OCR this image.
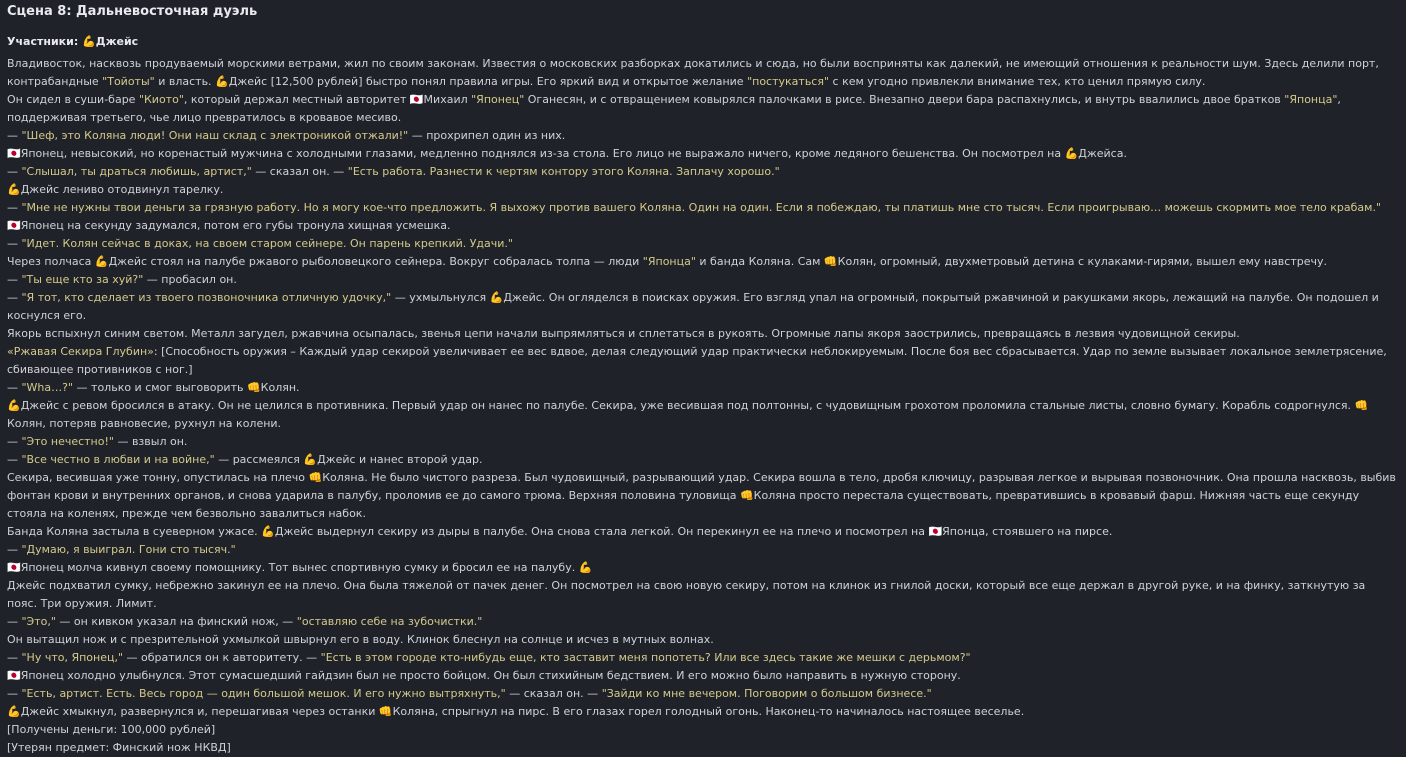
Сцена 8: Дальневосточная дуэль
Участники: 💪Джейс
Владивосток, насквозь продуваемый морскими ветрами, жил по своим законам. Известия о московских разборках докатились и сюда, но были восприняты как далекий, не имеющий отношения к реальности шум. Здесь делили порт, контрабандные "Тойоты" и власть. 💪Джейс [12,500 рублей] быстро понял правила игры. Его яркий вид и открытое желание "постукаться" с кем угодно привлекли внимание тех, кто ценил прямую силу.
Он сидел в суши-баре "Киото", который держал местный авторитет 🇯🇵Михаил "Японец" Оганесян, и с отвращением ковырялся палочками в рисе. Внезапно двери бара распахнулись, и внутрь ввалились двое братков "Японца", поддерживая третьего, чье лицо превратилось в кровавое месиво.
— "Шеф, это Коляна люди! Они наш склад с электроникой отжали!" — прохрипел один из них.
🇯🇵Японец, невысокий, но коренастый мужчина с холодными глазами, медленно поднялся из-за стола. Его лицо не выражало ничего, кроме ледяного бешенства. Он посмотрел на 💪Джейса.
— "Слышал, ты драться любишь, артист," — сказал он. — "Есть работа. Разнести к чертям контору этого Коляна. Заплачу хорошо."
💪Джейс лениво отодвинул тарелку.
— "Мне не нужны твои деньги за грязную работу. Но я могу кое-что предложить. Я выхожу против вашего Коляна. Один на один. Если я побеждаю, ты платишь мне сто тысяч. Если проигрываю… можешь скормить мое тело крабам."
🇯🇵Японец на секунду задумался, потом его губы тронула хищная усмешка.
— "Идет. Колян сейчас в доках, на своем старом сейнере. Он парень крепкий. Удачи."
Через полчаса 💪Джейс стоял на палубе ржавого рыболовецкого сейнера. Вокруг собралась толпа — люди "Японца" и банда Коляна. Сам 👊Колян, огромный, двухметровый детина с кулаками-гирями, вышел ему навстречу.
— "Ты еще кто за хуй?" — пробасил он.
— "Я тот, кто сделает из твоего позвоночника отличную удочку," — ухмыльнулся 💪Джейс. Он огляделся в поисках оружия. Его взгляд упал на огромный, покрытый ржавчиной и ракушками якорь, лежащий на палубе. Он подошел и коснулся его.
Якорь вспыхнул синим светом. Металл загудел, ржавчина осыпалась, звенья цепи начали выпрямляться и сплетаться в рукоять. Огромные лапы якоря заострились, превращаясь в лезвия чудовищной секиры.
«Ржавая Секира Глубин»: [Способность оружия – Каждый удар секирой увеличивает ее вес вдвое, делая следующий удар практически неблокируемым. После боя вес сбрасывается. Удар по земле вызывает локальное землетрясение, сбивающее противников с ног.]
— "Wha…?" — только и смог выговорить 👊Колян.
💪Джейс с ревом бросился в атаку. Он не целился в противника. Первый удар он нанес по палубе. Секира, уже весившая под полтонны, с чудовищным грохотом проломила стальные листы, словно бумагу. Корабль содрогнулся. 👊Колян, потеряв равновесие, рухнул на колени.
— "Это нечестно!" — взвыл он.
— "Все честно в любви и на войне," — рассмеялся 💪Джейс и нанес второй удар.
Секира, весившая уже тонну, опустилась на плечо 👊Коляна. Не было чистого разреза. Был чудовищный, разрывающий удар. Секира вошла в тело, дробя ключицу, разрывая легкое и вырывая позвоночник. Она прошла насквозь, выбив фонтан крови и внутренних органов, и снова ударила в палубу, проломив ее до самого трюма. Верхняя половина туловища 👊Коляна просто перестала существовать, превратившись в кровавый фарш. Нижняя часть еще секунду стояла на коленях, прежде чем безвольно завалиться набок.
Банда Коляна застыла в суеверном ужасе. 💪Джейс выдернул секиру из дыры в палубе. Она снова стала легкой. Он перекинул ее на плечо и посмотрел на 🇯🇵Японца, стоявшего на пирсе.
— "Думаю, я выиграл. Гони сто тысяч."
🇯🇵Японец молча кивнул своему помощнику. Тот вынес спортивную сумку и бросил ее на палубу. 💪
Джейс подхватил сумку, небрежно закинул ее на плечо. Она была тяжелой от пачек денег. Он посмотрел на свою новую секиру, потом на клинок из гнилой доски, который все еще держал в другой руке, и на финку, заткнутую за пояс. Три оружия. Лимит.
— "Это," — он кивком указал на финский нож, — "оставляю себе на зубочистки."
Он вытащил нож и с презрительной ухмылкой швырнул его в воду. Клинок блеснул на солнце и исчез в мутных волнах.
— "Ну что, Японец," — обратился он к авторитету. — "Есть в этом городе кто-нибудь еще, кто заставит меня попотеть? Или все здесь такие же мешки с дерьмом?"
🇯🇵Японец холодно улыбнулся. Этот сумасшедший гайдзин был не просто бойцом. Он был стихийным бедствием. И его можно было направить в нужную сторону.
— "Есть, артист. Есть. Весь город — один большой мешок. И его нужно вытряхнуть," — сказал он. — "Зайди ко мне вечером. Поговорим о большом бизнесе."
💪Джейс хмыкнул, развернулся и, перешагивая через останки 👊Коляна, спрыгнул на пирс. В его глазах горел голодный огонь. Наконец-то начиналось настоящее веселье.
[Получены деньги: 100,000 рублей]
[Утерян предмет: Финский нож НКВД]
